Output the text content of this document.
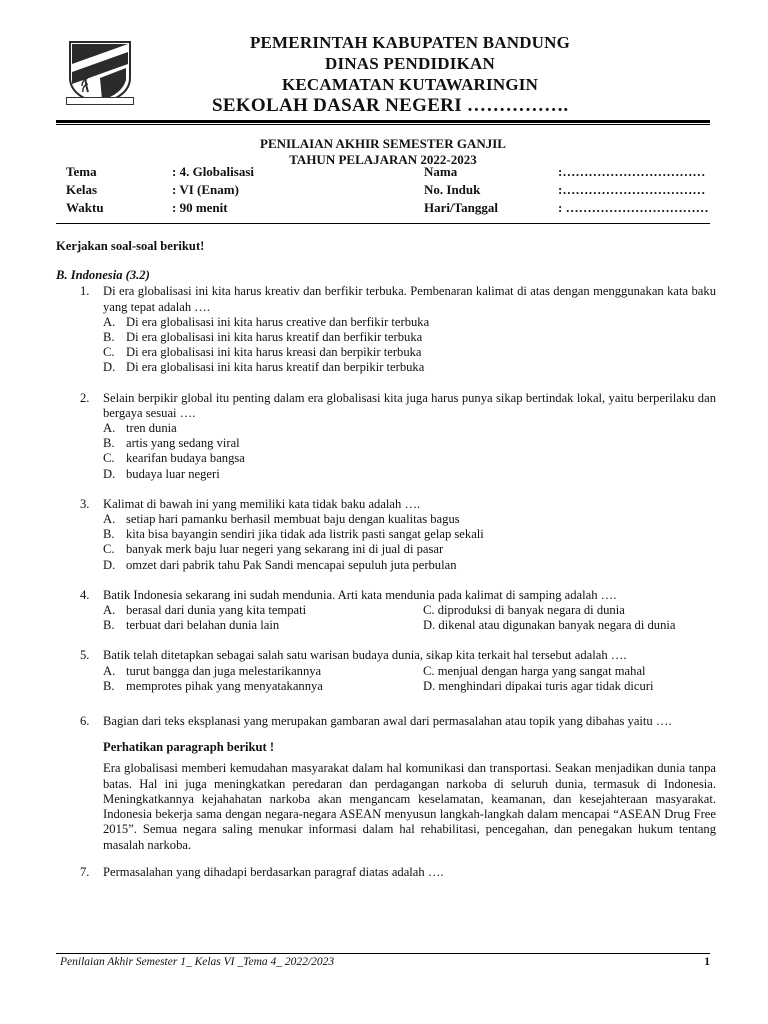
PEMERINTAH KABUPATEN BANDUNG
DINAS PENDIDIKAN
KECAMATAN KUTAWARINGIN
SEKOLAH DASAR NEGERI …………….
PENILAIAN AKHIR SEMESTER GANJIL
TAHUN PELAJARAN 2022-2023
Tema	: 4. Globalisasi	Nama	:……………………………
Kelas	: VI (Enam)	No. Induk	:……………………………
Waktu	: 90 menit	Hari/Tanggal	: ……………………………
Kerjakan soal-soal berikut!
B. Indonesia (3.2)
1. Di era globalisasi ini kita harus kreativ dan berfikir terbuka. Pembenaran kalimat di atas dengan menggunakan kata baku yang tepat adalah ….
A. Di era globalisasi ini kita harus creative dan berfikir terbuka
B. Di era globalisasi ini kita harus kreatif dan berfikir terbuka
C. Di era globalisasi ini kita harus kreasi dan berpikir terbuka
D. Di era globalisasi ini kita harus kreatif dan berpikir terbuka
2. Selain berpikir global itu penting dalam era globalisasi kita juga harus punya sikap bertindak lokal, yaitu berperilaku dan bergaya sesuai ….
A. tren dunia
B. artis yang sedang viral
C. kearifan budaya bangsa
D. budaya luar negeri
3. Kalimat di bawah ini yang memiliki kata tidak baku adalah ….
A. setiap hari pamanku berhasil membuat baju dengan kualitas bagus
B. kita bisa bayangin sendiri jika tidak ada listrik pasti sangat gelap sekali
C. banyak merk baju luar negeri yang sekarang ini di jual di pasar
D. omzet dari pabrik tahu Pak Sandi mencapai sepuluh juta perbulan
4. Batik Indonesia sekarang ini sudah mendunia. Arti kata mendunia pada kalimat di samping adalah ….
A. berasal dari dunia yang kita tempati	C. diproduksi di banyak negara di dunia
B. terbuat dari belahan dunia lain	D. dikenal atau digunakan banyak negara di dunia
5. Batik telah ditetapkan sebagai salah satu warisan budaya dunia, sikap kita terkait hal tersebut adalah ….
A. turut bangga dan juga melestarikannya	C. menjual dengan harga yang sangat mahal
B. memprotes pihak yang menyatakannya	D. menghindari dipakai turis agar tidak dicuri
6. Bagian dari teks eksplanasi yang merupakan gambaran awal dari permasalahan atau topik yang dibahas yaitu ….
Perhatikan paragraph berikut !
Era globalisasi memberi kemudahan masyarakat dalam hal komunikasi dan transportasi. Seakan menjadikan dunia tanpa batas. Hal ini juga meningkatkan peredaran dan perdagangan narkoba di seluruh dunia, termasuk di Indonesia. Meningkatkannya kejahahatan narkoba akan mengancam keselamatan, keamanan, dan kesejahteraan masyarakat. Indonesia bekerja sama dengan negara-negara ASEAN menyusun langkah-langkah dalam mencapai “ASEAN Drug Free 2015”. Semua negara saling menukar informasi dalam hal rehabilitasi, pencegahan, dan penegakan hukum tentang masalah narkoba.
7. Permasalahan yang dihadapi berdasarkan paragraf diatas adalah ….
Penilaian Akhir Semester 1_ Kelas VI _Tema 4_ 2022/2023	1
